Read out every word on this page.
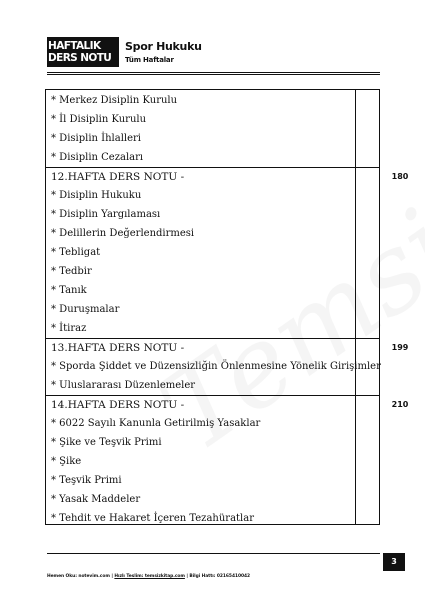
HAFTALIK
DERS NOTU
Spor Hukuku
Tüm Haftalar
* Merkez Disiplin Kurulu
* İl Disiplin Kurulu
* Disiplin İhlalleri
* Disiplin Cezaları
12.HAFTA DERS NOTU -	180
* Disiplin Hukuku
* Disiplin Yargılaması
* Delillerin Değerlendirmesi
* Tebligat
* Tedbir
* Tanık
* Duruşmalar
* İtiraz
13.HAFTA DERS NOTU -	199
* Sporda Şiddet ve Düzensizliğin Önlenmesine Yönelik Girişimler
* Uluslararası Düzenlemeler
14.HAFTA DERS NOTU -	210
* 6022 Sayılı Kanunla Getirilmiş Yasaklar
* Şike ve Teşvik Primi
* Şike
* Teşvik Primi
* Yasak Maddeler
* Tehdit ve Hakaret İçeren Tezahüratlar
3
Hemen Oku: notevim.com | Hızlı Teslim: temsizkitap.com | Bilgi Hattı: 02165410042
